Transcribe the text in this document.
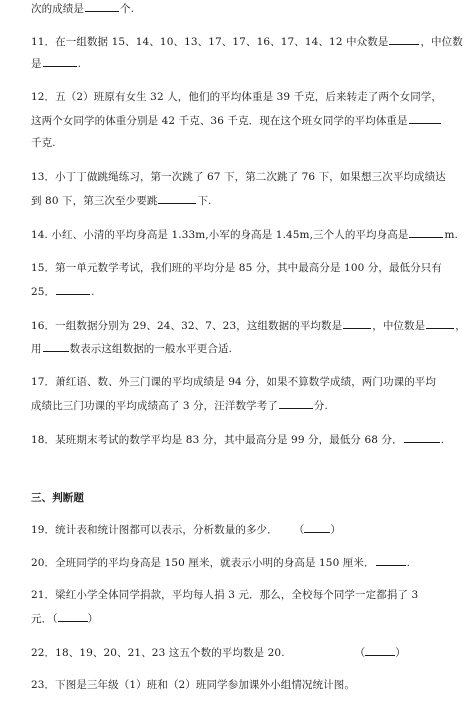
次的成绩是	个.
11．在一组数据 15、14、10、13、17、17、16、17、14、12 中众数是	，中位数
是	.
12．五（2）班原有女生 32 人，他们的平均体重是 39 千克，后来转走了两个女同学，
这两个女同学的体重分别是 42 千克、36 千克．现在这个班女同学的平均体重是
千克.
13．小丁丁做跳绳练习，第一次跳了 67 下，第二次跳了 76 下，如果想三次平均成绩达
到 80 下，第三次至少要跳	下.
14. 小红、小清的平均身高是 1.33m,小军的身高是 1.45m,三个人的平均身高是	m.
15．第一单元数学考试，我们班的平均分是 85 分，其中最高分是 100 分，最低分只有
25．	.
16．一组数据分别为 29、24、32、7、23，这组数据的平均数是	，中位数是	，
用	数表示这组数据的一般水平更合适.
17．萧红语、数、外三门课的平均成绩是 94 分，如果不算数学成绩，两门功课的平均
成绩比三门功课的平均成绩高了 3 分，汪洋数学考了	分.
18．某班期末考试的数学平均是 83 分，其中最高分是 99 分，最低分 68 分．	.
三、判断题
19．统计表和统计图都可以表示，分析数量的多少． （ ）
20．全班同学的平均身高是 150 厘米，就表示小明的身高是 150 厘米．	.
21．梁红小学全体同学捐款，平均每人捐 3 元．那么，全校每个同学一定都捐了 3
元．（	）
22．18、19、20、21、23 这五个数的平均数是 20.	（	）
23．下图是三年级（1）班和（2）班同学参加课外小组情况统计图。
